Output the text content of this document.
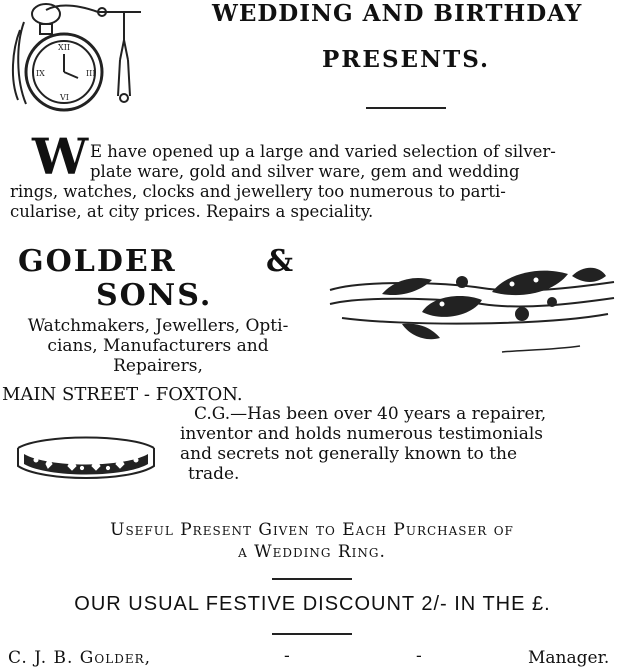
XII
III
VI
IX
WEDDING AND BIRTHDAY
PRESENTS.
W E have opened up a large and varied selection of silver-
plate ware, gold and silver ware, gem and wedding
rings, watches, clocks and jewellery too numerous to parti-
cularise, at city prices. Repairs a speciality.
GOLDER	&
SONS.
Watchmakers, Jewellers, Opti-
cians, Manufacturers and
Repairers,
MAIN STREET - FOXTON.
C.G.—Has been over 40 years a repairer,
inventor and holds numerous testimonials
and secrets not generally known to the
trade.
Useful Present Given to Each Purchaser of
a Wedding Ring.
OUR USUAL FESTIVE DISCOUNT 2/- IN THE £.
C. J. B. Golder,	-	-	Manager.
